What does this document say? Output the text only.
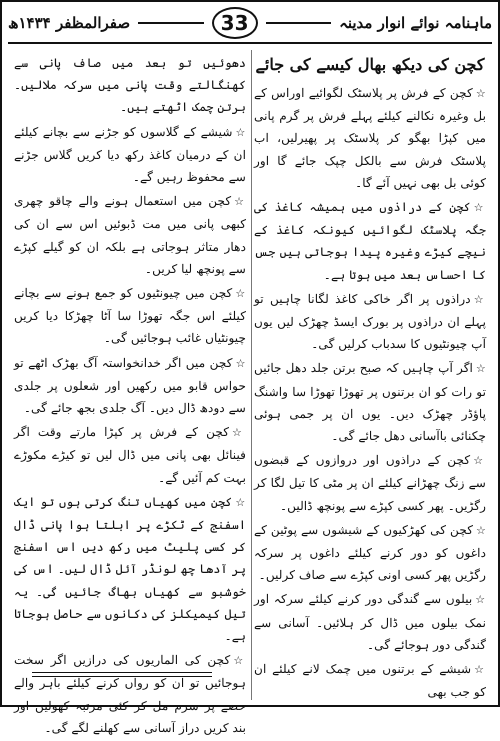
صفرالمظفر ۱۴۳۴ھ	33	ماہنامہ نوائے انوار مدینہ
کچن کی دیکھ بھال کیسے کی جائے
☆کچن کے فرش پر پلاسٹک لگوائیے اوراس کے بل وغیرہ نکالنے کیلئے پہلے فرش پر گرم پانی میں کپڑا بھگو کر پلاسٹک پر پھیرلیں، اب پلاسٹک فرش سے بالکل چپک جائے گا اور کوئی بل بھی نہیں آئے گا۔
☆کچن کے دراذوں میں ہمیشہ کاغذ کی جگہ پلاسٹک لگوائیں کیونکہ کاغذ کے نیچے کیڑے وغیرہ پیدا ہوجاتی ہیں جس کا احساس بعد میں ہوتا ہے۔
☆دراذوں پر اگر خاکی کاغذ لگانا چاہیں تو پہلے ان دراذوں پر بورک ایسڈ چھڑک لیں یوں آپ چیونٹیوں کا سدباب کرلیں گی۔
☆اگر آپ چاہیں کہ صبح برتن جلد دھل جائیں تو رات کو ان برتنوں پر تھوڑا تھوڑا سا واشنگ پاؤڈر چھڑک دیں۔ یوں ان پر جمی ہوئی چکنائی باآسانی دھل جائے گی۔
☆کچن کے دراذوں اور دروازوں کے قبضوں سے زنگ چھڑانے کیلئے ان پر مٹی کا تیل لگا کر رگڑیں۔ پھر کسی کپڑے سے پونچھ ڈالیں۔
☆کچن کی کھڑکیوں کے شیشوں سے پوٹین کے داغوں کو دور کرنے کیلئے داغوں پر سرکہ رگڑیں پھر کسی اونی کپڑے سے صاف کرلیں۔
☆بیلوں سے گندگی دور کرنے کیلئے سرکہ اور نمک بیلوں میں ڈال کر ہلائیں۔ آسانی سے گندگی دور ہوجائے گی۔
☆شیشے کے برتنوں میں چمک لانے کیلئے ان کو جب بھی
دھوئیں تو بعد میں صاف پانی سے کھنگالتے وقت پانی میں سرکہ ملالیں۔ برتن چمک اٹھتے ہیں۔
☆شیشے کے گلاسوں کو جڑنے سے بچانے کیلئے ان کے درمیان کاغذ رکھ دیا کریں گلاس جڑنے سے محفوظ رہیں گے۔
☆کچن میں استعمال ہونے والے چاقو چھری کبھی پانی میں مت ڈبوئیں اس سے ان کی دھار متاثر ہوجاتی ہے بلکہ ان کو گیلے کپڑے سے پونچھ لیا کریں۔
☆کچن میں چیونٹیوں کو جمع ہونے سے بچانے کیلئے اس جگہ تھوڑا سا آٹا چھڑکا دیا کریں چیونٹیاں غائب ہوجائیں گی۔
☆کچن میں اگر خدانخواستہ آگ بھڑک اٹھے تو حواس قابو میں رکھیں اور شعلوں پر جلدی سے دودھ ڈال دیں۔ آگ جلدی بجھ جائے گی۔
☆کچن کے فرش پر کپڑا مارتے وقت اگر فینائل بھی پانی میں ڈال لیں تو کیڑے مکوڑے بہت کم آئیں گے۔
☆کچن میں کھیاں تنگ کرتی ہوں تو ایک اسفنج کے ٹکڑے پر ابلتا ہوا پانی ڈال کر کسی پلیٹ میں رکھ دیں اس اسفنج پر آدھا چھ لونڈر آئل ڈال لیں۔ اس کی خوشبو سے کھیاں بھاگ جائیں گی۔ یہ تیل کیمیکلز کی دکانوں سے حاصل ہوجاتا ہے۔
☆کچن کی الماریوں کی درازیں اگر سخت ہوجائیں تو ان کو رواں کرنے کیلئے باہر والے حصے پر سرم مل کر کئی مرتبہ کھولیں اور بند کریں دراز آسانی سے کھلنے لگے گی۔
